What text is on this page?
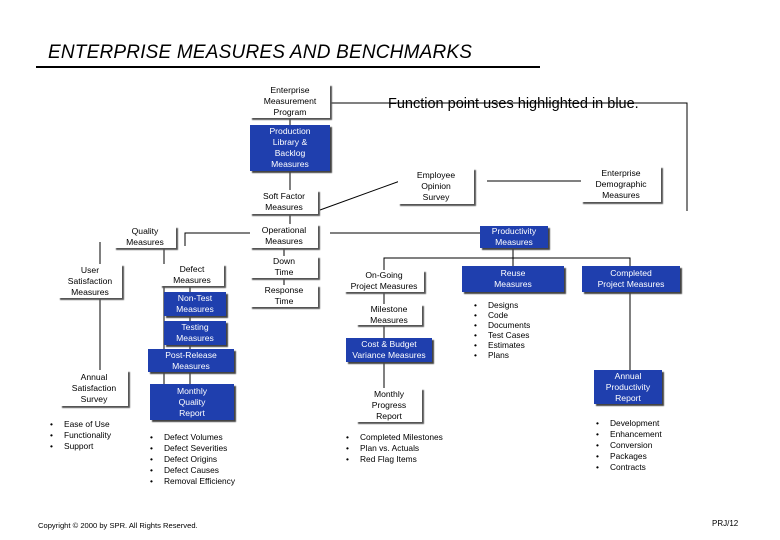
ENTERPRISE MEASURES AND BENCHMARKS
Function point uses highlighted in blue.
Enterprise
Measurement
Program
Production
Library &
Backlog
Measures
Employee
Opinion
Survey
Enterprise
Demographic
Measures
Soft Factor
Measures
Quality
Measures
Operational
Measures
Productivity
Measures
User
Satisfaction
Measures
Defect
Measures
Non-Test
Measures
Testing
Measures
Post-Release
Measures
Annual
Satisfaction
Survey
Monthly
Quality
Report
• Ease of Use
• Functionality
• Support
• Defect Volumes
• Defect Severities
• Defect Origins
• Defect Causes
• Removal Efficiency
Down
Time
Response
Time
On-Going
Project Measures
Milestone
Measures
Cost & Budget
Variance Measures
Monthly
Progress
Report
Reuse
Measures
Completed
Project Measures
Annual
Productivity
Report
• Completed Milestones
• Plan vs. Actuals
• Red Flag Items
• Designs
• Code
• Documents
• Test Cases
• Estimates
• Plans
• Development
• Enhancement
• Conversion
• Packages
• Contracts
Copyright © 2000 by SPR. All Rights Reserved.	PRJ/12
